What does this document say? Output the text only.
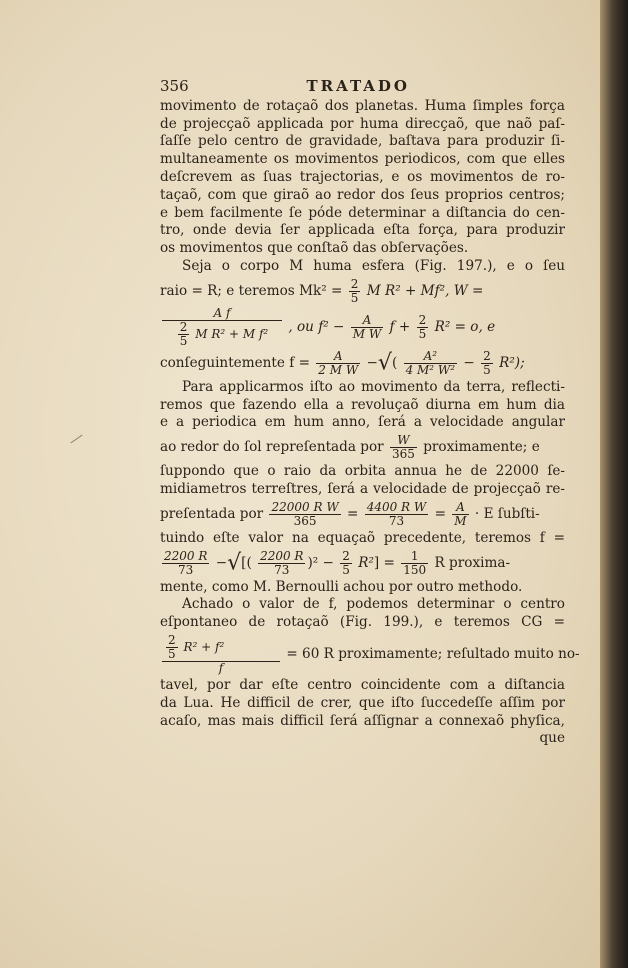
356	TRATADO
movimento de rotaçaõ dos planetas. Huma ſimples força
de projecçaõ applicada por huma direcçaõ, que naõ paſ-
ſaſſe pelo centro de gravidade, baſtava para produzir ſi-
multaneamente os movimentos periodicos, com que elles
deſcrevem as ſuas trajectorias, e os movimentos de ro-
taçaõ, com que giraõ ao redor dos ſeus proprios centros;
e bem facilmente ſe póde determinar a diſtancia do cen-
tro, onde devia ſer applicada eſta força, para produzir
os movimentos que conſtaõ das obſervações.
Seja o corpo M huma esfera (Fig. 197.), e o ſeu
raio = R; e teremos $Mk^2 = \frac{2}{5}$ M R² + Mf², W =
$\frac{\text{A f}}{\frac{2}{5} M R^2 + M f^2}$ , ou $f^2 - \frac{A}{\text{M W}}$ $f + \frac{2}{5} R^2 = o$, e
conſeguintemente $f = \frac{A}{\text{2 M W}}$ −√( $\frac{\text{A²}}{\text{4 M² W²}} - \frac{2}{5} R^2$);
Para applicarmos iſto ao movimento da terra, reflecti-
remos que fazendo ella a revoluçaõ diurna em hum dia
e a periodica em hum anno, ſerá a velocidade angular
ao redor do ſol repreſentada por $\frac{W}{365}$ proximamente; e
ſuppondo que o raio da orbita annua he de 22000 ſe-
midiametros terreſtres, ſerá a velocidade de projecçaõ re-
preſentada por $\frac{\text{22000 R W}}{365} = \frac{\text{4400 R W}}{73} = \frac{A}{M} \cdot E$ ſubſti-
tuindo eſte valor na equaçaõ precedente, teremos f =
$\frac{2200 R}{73}$ −√[( $\frac{2200 R}{73} )^2 - \frac{2}{5} R^2] = \frac{1}{150}$ R proxima-
mente, como M. Bernoulli achou por outro methodo.
Achado o valor de f, podemos determinar o centro
eſpontaneo de rotaçaõ (Fig. 199.), e teremos CG =
$\frac{\frac{2}{5} R^2 + f^2}{f} = 60$ R proximamente; reſultado muito no-
tavel, por dar eſte centro coincidente com a diſtancia
da Lua. He difficil de crer, que iſto ſuccedeſſe aſſim por
acaſo, mas mais difficil ſerá aſſignar a connexaõ phyſica,
que
